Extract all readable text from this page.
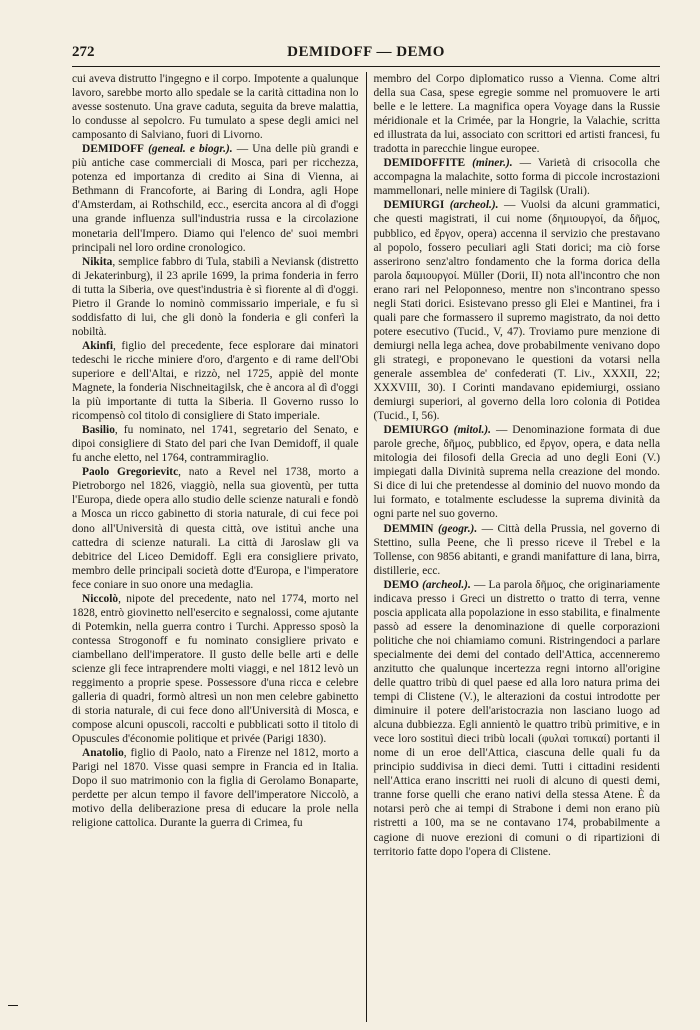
272	DEMIDOFF — DEMO

cui aveva distrutto l'ingegno e il corpo. Impotente a qualunque lavoro, sarebbe morto allo spedale se la carità cittadina non lo avesse sostenuto. Una grave caduta, seguita da breve malattia, lo condusse al sepolcro. Fu tumulato a spese degli amici nel camposanto di Salviano, fuori di Livorno.

DEMIDOFF (geneal. e biogr.). — Una delle più grandi e più antiche case commerciali di Mosca, pari per ricchezza, potenza ed importanza di credito ai Sina di Vienna, ai Bethmann di Francoforte, ai Baring di Londra, agli Hope d'Amsterdam, ai Rothschild, ecc., esercita ancora al dì d'oggi una grande influenza sull'industria russa e la circolazione monetaria dell'Impero. Diamo qui l'elenco de' suoi membri principali nel loro ordine cronologico.

Nikita, semplice fabbro di Tula, stabilì a Neviansk (distretto di Jekaterinburg), il 23 aprile 1699, la prima fonderia in ferro di tutta la Siberia, ove quest'industria è sì fiorente al dì d'oggi. Pietro il Grande lo nominò commissario imperiale, e fu sì soddisfatto di lui, che gli donò la fonderia e gli conferì la nobiltà.

Akinfi, figlio del precedente, fece esplorare dai minatori tedeschi le ricche miniere d'oro, d'argento e di rame dell'Obi superiore e dell'Altai, e rizzò, nel 1725, appiè del monte Magnete, la fonderia Nischneitagilsk, che è ancora al dì d'oggi la più importante di tutta la Siberia. Il Governo russo lo ricompensò col titolo di consigliere di Stato imperiale.

Basilio, fu nominato, nel 1741, segretario del Senato, e dipoi consigliere di Stato del pari che Ivan Demidoff, il quale fu anche eletto, nel 1764, contrammiraglio.

Paolo Gregorievitc, nato a Revel nel 1738, morto a Pietroborgo nel 1826, viaggiò, nella sua gioventù, per tutta l'Europa, diede opera allo studio delle scienze naturali e fondò a Mosca un ricco gabinetto di storia naturale, di cui fece poi dono all'Università di questa città, ove istituì anche una cattedra di scienze naturali. La città di Jaroslaw gli va debitrice del Liceo Demidoff. Egli era consigliere privato, membro delle principali società dotte d'Europa, e l'imperatore fece coniare in suo onore una medaglia.

Niccolò, nipote del precedente, nato nel 1774, morto nel 1828, entrò giovinetto nell'esercito e segnalossi, come ajutante di Potemkin, nella guerra contro i Turchi. Appresso sposò la contessa Strogonoff e fu nominato consigliere privato e ciambellano dell'imperatore. Il gusto delle belle arti e delle scienze gli fece intraprendere molti viaggi, e nel 1812 levò un reggimento a proprie spese. Possessore d'una ricca e celebre galleria di quadri, formò altresì un non men celebre gabinetto di storia naturale, di cui fece dono all'Università di Mosca, e compose alcuni opuscoli, raccolti e pubblicati sotto il titolo di Opuscules d'économie politique et privée (Parigi 1830).

Anatolio, figlio di Paolo, nato a Firenze nel 1812, morto a Parigi nel 1870. Visse quasi sempre in Francia ed in Italia. Dopo il suo matrimonio con la figlia di Gerolamo Bonaparte, perdette per alcun tempo il favore dell'imperatore Niccolò, a motivo della deliberazione presa di educare la prole nella religione cattolica. Durante la guerra di Crimea, fu

membro del Corpo diplomatico russo a Vienna. Come altri della sua Casa, spese egregie somme nel promuovere le arti belle e le lettere. La magnifica opera Voyage dans la Russie méridionale et la Crimée, par la Hongrie, la Valachie, scritta ed illustrata da lui, associato con scrittori ed artisti francesi, fu tradotta in parecchie lingue europee.

DEMIDOFFITE (miner.). — Varietà di crisocolla che accompagna la malachite, sotto forma di piccole incrostazioni mammellonari, nelle miniere di Tagilsk (Urali).

DEMIURGI (archeol.). — Vuolsi da alcuni grammatici, che questi magistrati, il cui nome (δημιουργοί, da δῆμος, pubblico, ed ἔργον, opera) accenna il servizio che prestavano al popolo, fossero peculiari agli Stati dorici; ma ciò forse asserirono senz'altro fondamento che la forma dorica della parola δαμιουργοί. Müller (Dorii, II) nota all'incontro che non erano rari nel Peloponneso, mentre non s'incontrano spesso negli Stati dorici. Esistevano presso gli Elei e Mantinei, fra i quali pare che formassero il supremo magistrato, da noi detto potere esecutivo (Tucid., V, 47). Troviamo pure menzione di demiurgi nella lega achea, dove probabilmente venivano dopo gli strategi, e proponevano le questioni da votarsi nella generale assemblea de' confederati (T. Liv., XXXII, 22; XXXVIII, 30). I Corinti mandavano epidemiurgi, ossiano demiurgi superiori, al governo della loro colonia di Potidea (Tucid., I, 56).

DEMIURGO (mitol.). — Denominazione formata di due parole greche, δῆμος, pubblico, ed ἔργον, opera, e data nella mitologia dei filosofi della Grecia ad uno degli Eoni (V.) impiegati dalla Divinità suprema nella creazione del mondo. Si dice di lui che pretendesse al dominio del nuovo mondo da lui formato, e totalmente escludesse la suprema divinità da ogni parte nel suo governo.

DEMMIN (geogr.). — Città della Prussia, nel governo di Stettino, sulla Peene, che lì presso riceve il Trebel e la Tollense, con 9856 abitanti, e grandi manifatture di lana, birra, distillerie, ecc.

DEMO (archeol.). — La parola δῆμος, che originariamente indicava presso i Greci un distretto o tratto di terra, venne poscia applicata alla popolazione in esso stabilita, e finalmente passò ad essere la denominazione di quelle corporazioni politiche che noi chiamiamo comuni. Ristringendoci a parlare specialmente dei demi del contado dell'Attica, accenneremo anzitutto che qualunque incertezza regni intorno all'origine delle quattro tribù di quel paese ed alla loro natura prima dei tempi di Clistene (V.), le alterazioni da costui introdotte per diminuire il potere dell'aristocrazia non lasciano luogo ad alcuna dubbiezza. Egli annientò le quattro tribù primitive, e in vece loro sostituì dieci tribù locali (φυλαὶ τοπικαί) portanti il nome di un eroe dell'Attica, ciascuna delle quali fu da principio suddivisa in dieci demi. Tutti i cittadini residenti nell'Attica erano inscritti nei ruoli di alcuno di questi demi, tranne forse quelli che erano nativi della stessa Atene. È da notarsi però che ai tempi di Strabone i demi non erano più ristretti a 100, ma se ne contavano 174, probabilmente a cagione di nuove erezioni di comuni o di ripartizioni di territorio fatte dopo l'opera di Clistene.
